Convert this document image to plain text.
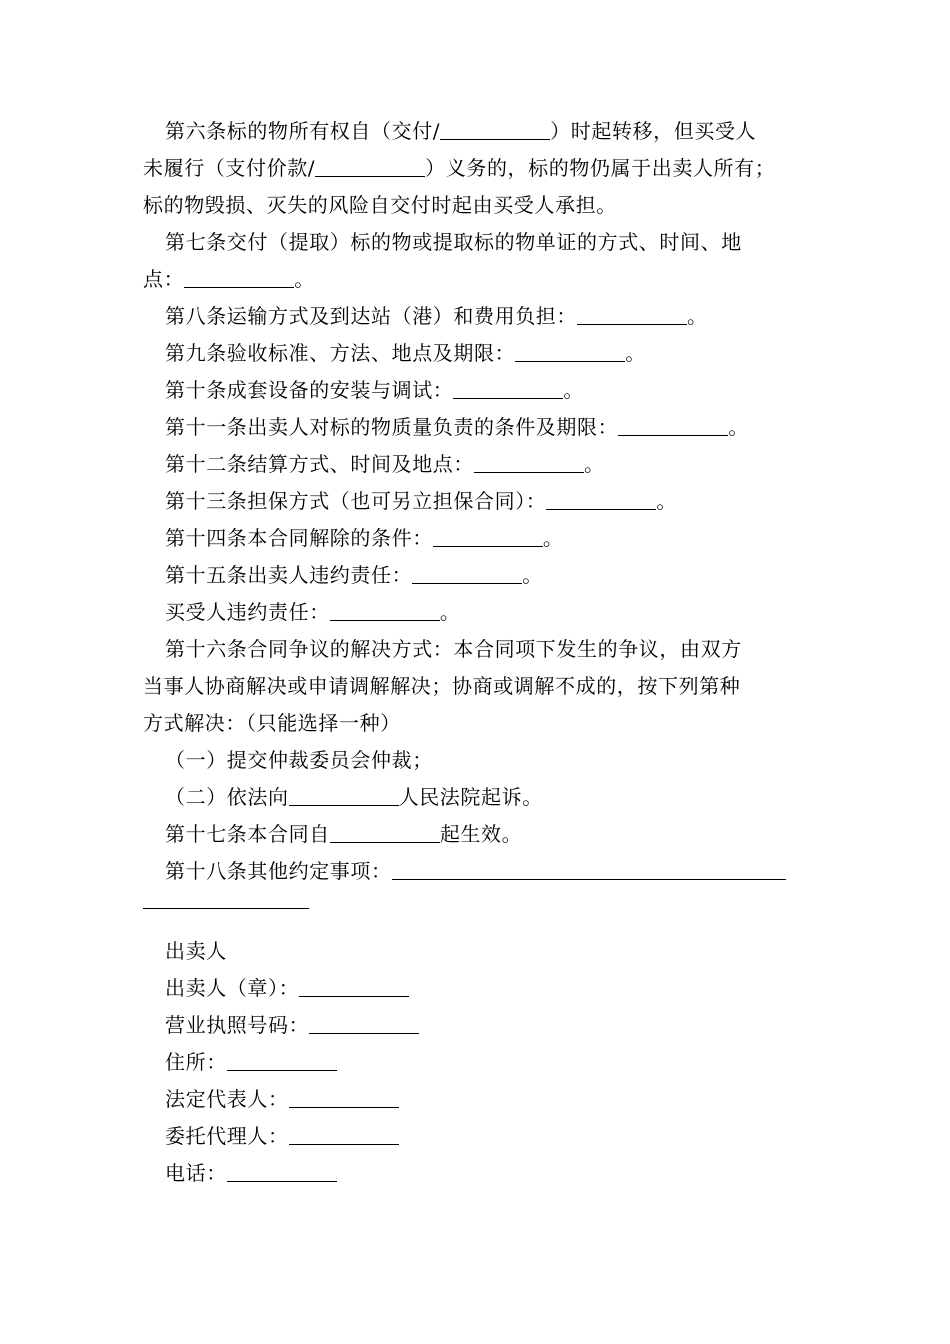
第六条标的物所有权自（交付/	）时起转移，但买受人
未履行（支付价款/	）义务的，标的物仍属于出卖人所有；
标的物毁损、灭失的风险自交付时起由买受人承担。
第七条交付（提取）标的物或提取标的物单证的方式、时间、地
点：	。
第八条运输方式及到达站（港）和费用负担：	。
第九条验收标准、方法、地点及期限：	。
第十条成套设备的安装与调试：	。
第十一条出卖人对标的物质量负责的条件及期限：	。
第十二条结算方式、时间及地点：	。
第十三条担保方式（也可另立担保合同）：	。
第十四条本合同解除的条件：	。
第十五条出卖人违约责任：	。
买受人违约责任：	。
第十六条合同争议的解决方式：本合同项下发生的争议，由双方
当事人协商解决或申请调解解决；协商或调解不成的，按下列第种
方式解决：（只能选择一种）
（一）提交仲裁委员会仲裁；
（二）依法向	人民法院起诉。
第十七条本合同自	起生效。
第十八条其他约定事项：
出卖人
出卖人（章）：
营业执照号码：
住所：
法定代表人：
委托代理人：
电话：
